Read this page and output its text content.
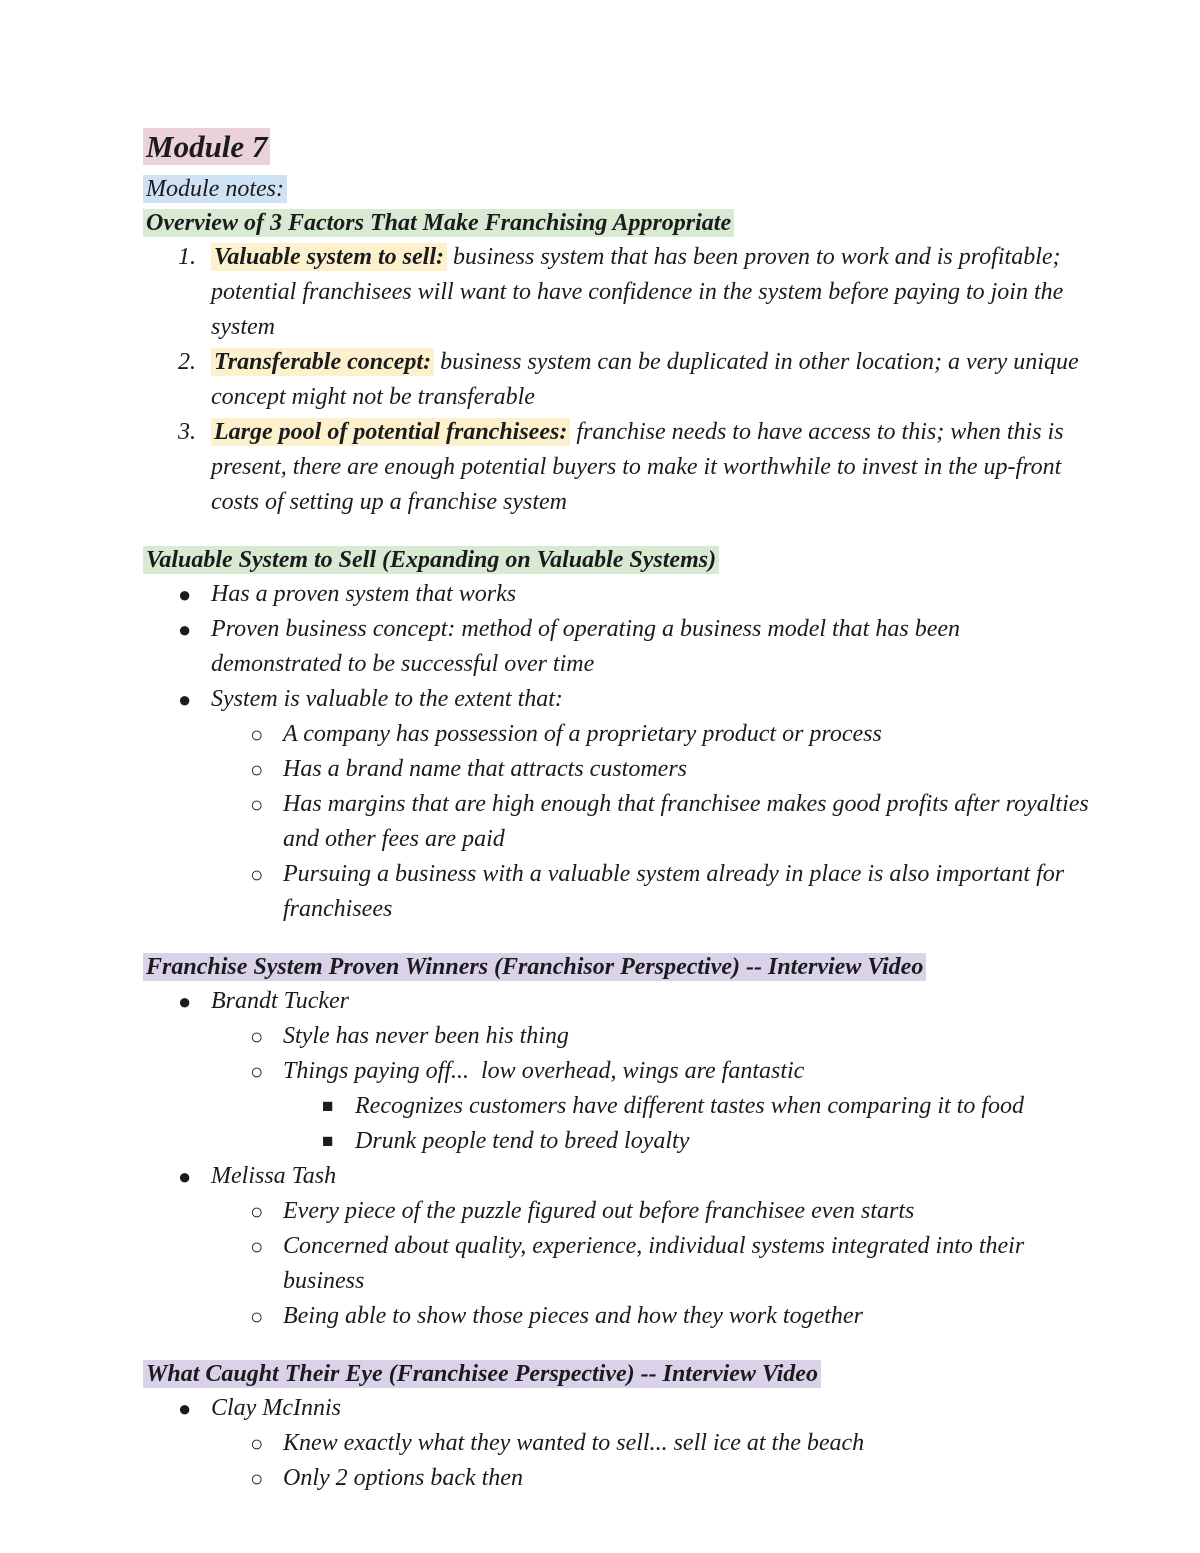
Module 7

Module notes:

Overview of 3 Factors That Make Franchising Appropriate
1. Valuable system to sell: business system that has been proven to work and is profitable; potential franchisees will want to have confidence in the system before paying to join the system

2. Transferable concept: business system can be duplicated in other location; a very unique concept might not be transferable

3. Large pool of potential franchisees: franchise needs to have access to this; when this is present, there are enough potential buyers to make it worthwhile to invest in the up-front costs of setting up a franchise system

Valuable System to Sell (Expanding on Valuable Systems)
● Has a proven system that works

● Proven business concept: method of operating a business model that has been demonstrated to be successful over time

● System is valuable to the extent that:

○ A company has possession of a proprietary product or process

○ Has a brand name that attracts customers

○ Has margins that are high enough that franchisee makes good profits after royalties and other fees are paid

○ Pursuing a business with a valuable system already in place is also important for franchisees

Franchise System Proven Winners (Franchisor Perspective) -- Interview Video
● Brandt Tucker

○ Style has never been his thing

○ Things paying off...  low overhead, wings are fantastic

■ Recognizes customers have different tastes when comparing it to food

■ Drunk people tend to breed loyalty

● Melissa Tash

○ Every piece of the puzzle figured out before franchisee even starts

○ Concerned about quality, experience, individual systems integrated into their business

○ Being able to show those pieces and how they work together

What Caught Their Eye (Franchisee Perspective) -- Interview Video
● Clay McInnis

○ Knew exactly what they wanted to sell... sell ice at the beach

○ Only 2 options back then
